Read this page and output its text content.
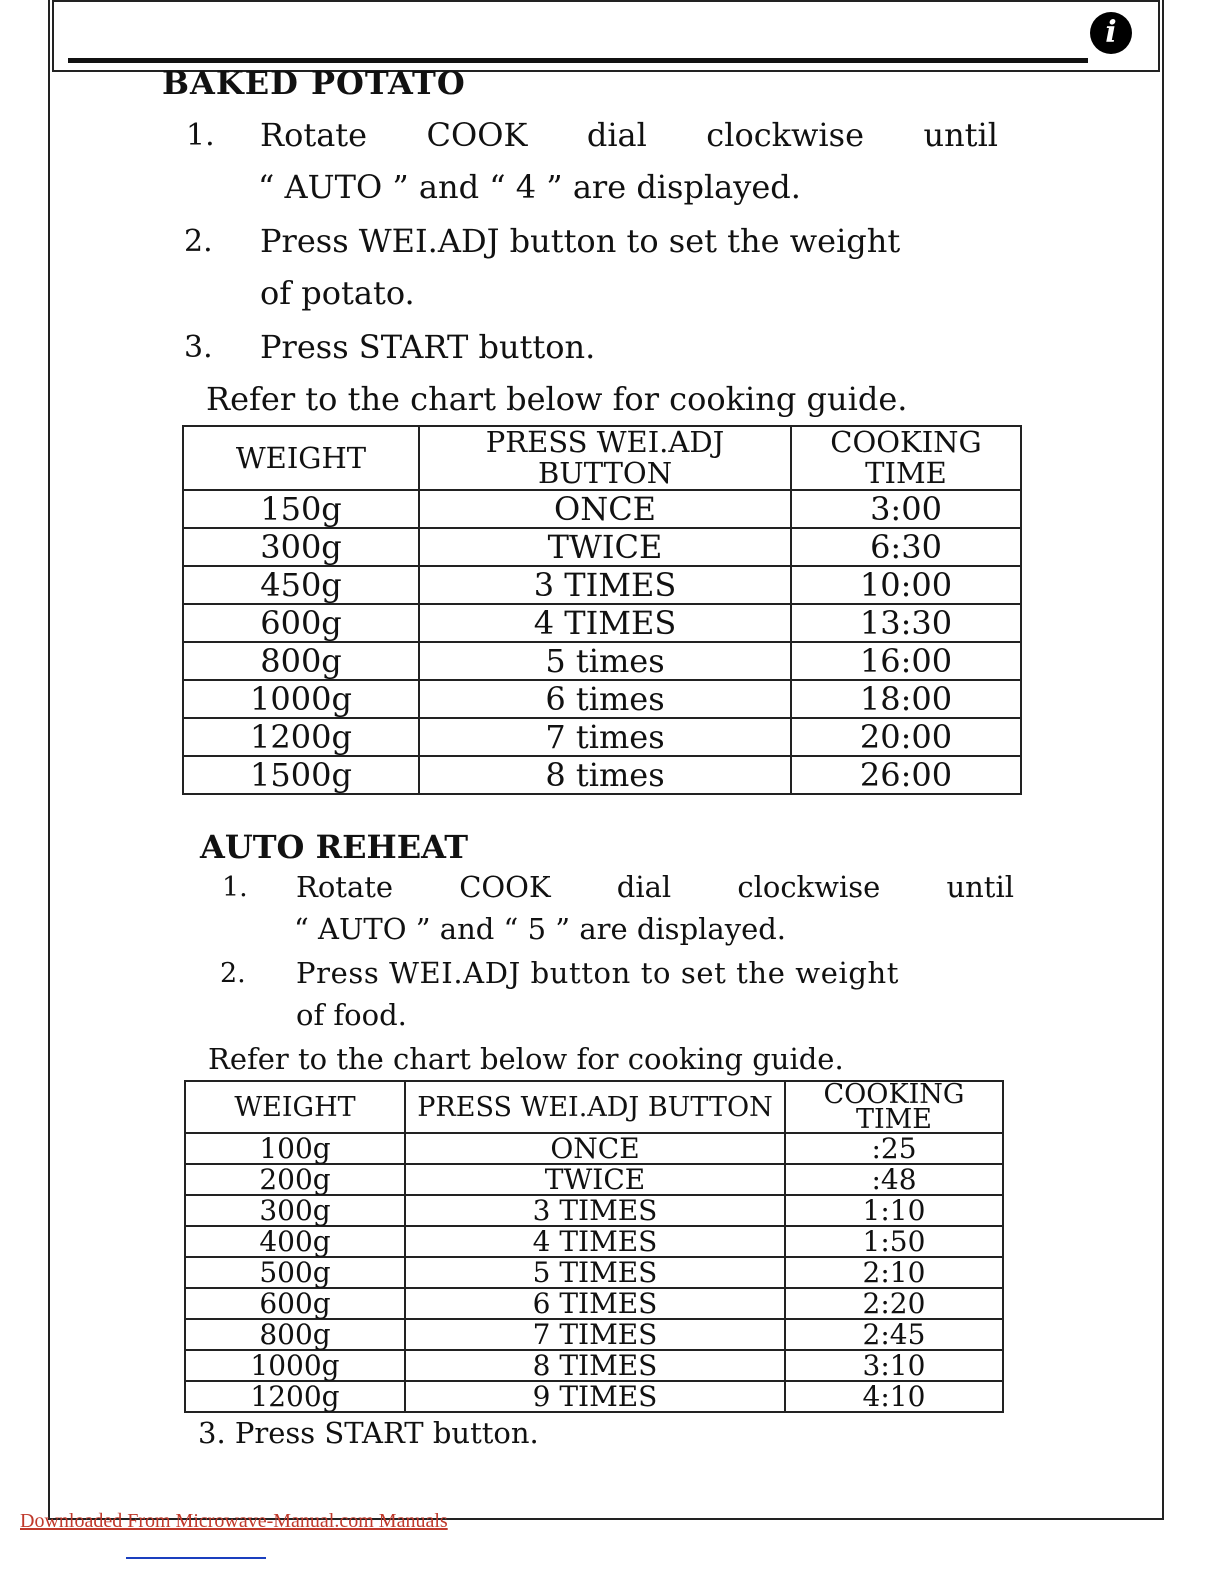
i
BAKED POTATO
1. Rotate COOK dial clockwise until
“ AUTO ” and “ 4 ” are displayed.
2. Press WEI.ADJ button to set the weight
of potato.
3. Press START button.
Refer to the chart below for cooking guide.
WEIGHT	PRESS WEI.ADJ BUTTON	COOKING TIME
150g	ONCE	3:00
300g	TWICE	6:30
450g	3 TIMES	10:00
600g	4 TIMES	13:30
800g	5 times	16:00
1000g	6 times	18:00
1200g	7 times	20:00
1500g	8 times	26:00
AUTO REHEAT
1. Rotate COOK dial clockwise until
“ AUTO ” and “ 5 ” are displayed.
2. Press WEI.ADJ button to set the weight
of food.
Refer to the chart below for cooking guide.
WEIGHT	PRESS WEI.ADJ BUTTON	COOKING TIME
100g	ONCE	:25
200g	TWICE	:48
300g	3 TIMES	1:10
400g	4 TIMES	1:50
500g	5 TIMES	2:10
600g	6 TIMES	2:20
800g	7 TIMES	2:45
1000g	8 TIMES	3:10
1200g	9 TIMES	4:10
3. Press START button.
Downloaded From Microwave-Manual.com Manuals
